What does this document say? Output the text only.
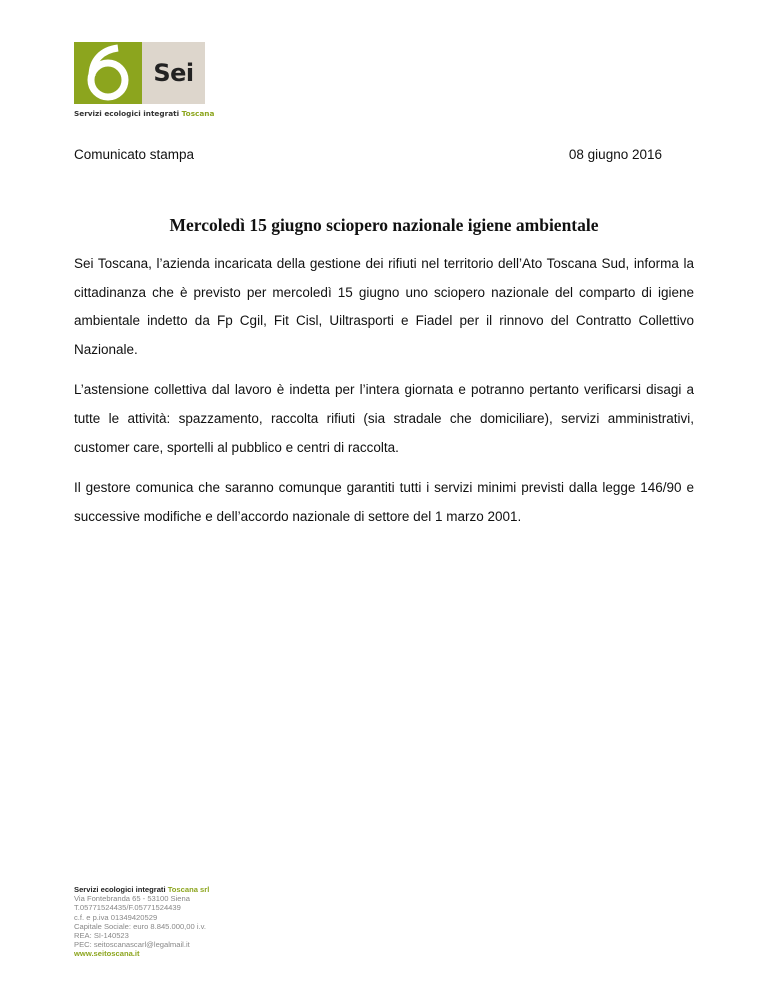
Sei
Servizi ecologici integrati Toscana
Comunicato stampa	08 giugno 2016
Mercoledì 15 giugno sciopero nazionale igiene ambientale

Sei Toscana, l’azienda incaricata della gestione dei rifiuti nel territorio dell’Ato Toscana Sud, informa la cittadinanza che è previsto per mercoledì 15 giugno uno sciopero nazionale del comparto di igiene ambientale indetto da Fp Cgil, Fit Cisl, Uiltrasporti e Fiadel per il rinnovo del Contratto Collettivo Nazionale.

L’astensione collettiva dal lavoro è indetta per l’intera giornata e potranno pertanto verificarsi disagi a tutte le attività: spazzamento, raccolta rifiuti (sia stradale che domiciliare), servizi amministrativi, customer care, sportelli al pubblico e centri di raccolta.

Il gestore comunica che saranno comunque garantiti tutti i servizi minimi previsti dalla legge 146/90 e successive modifiche e dell’accordo nazionale di settore del 1 marzo 2001.

Servizi ecologici integrati Toscana srl
Via Fontebranda 65 - 53100 Siena
T.05771524435/F.05771524439
c.f. e p.iva 01349420529
Capitale Sociale: euro 8.845.000,00 i.v.
REA: SI-140523
PEC: seitoscanascarl@legalmail.it
www.seitoscana.it
